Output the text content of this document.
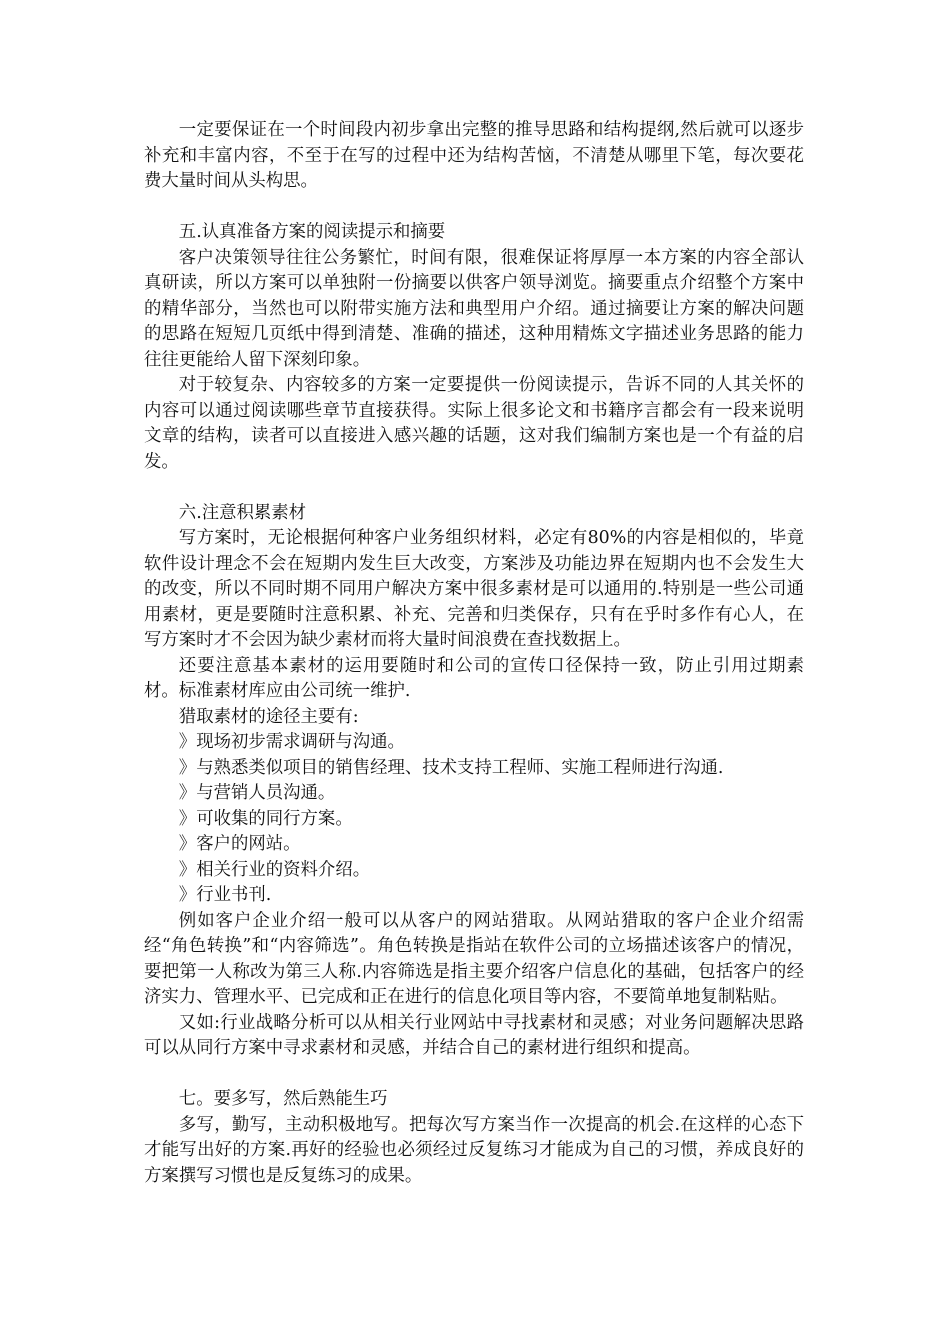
一定要保证在一个时间段内初步拿出完整的推导思路和结构提纲,然后就可以逐步补充和丰富内容，不至于在写的过程中还为结构苦恼，不清楚从哪里下笔，每次要花费大量时间从头构思。

五.认真准备方案的阅读提示和摘要

客户决策领导往往公务繁忙，时间有限，很难保证将厚厚一本方案的内容全部认真研读，所以方案可以单独附一份摘要以供客户领导浏览。摘要重点介绍整个方案中的精华部分，当然也可以附带实施方法和典型用户介绍。通过摘要让方案的解决问题的思路在短短几页纸中得到清楚、准确的描述，这种用精炼文字描述业务思路的能力往往更能给人留下深刻印象。

对于较复杂、内容较多的方案一定要提供一份阅读提示，告诉不同的人其关怀的内容可以通过阅读哪些章节直接获得。实际上很多论文和书籍序言都会有一段来说明文章的结构，读者可以直接进入感兴趣的话题，这对我们编制方案也是一个有益的启发。

六.注意积累素材

写方案时，无论根据何种客户业务组织材料，必定有80%的内容是相似的，毕竟软件设计理念不会在短期内发生巨大改变，方案涉及功能边界在短期内也不会发生大的改变，所以不同时期不同用户解决方案中很多素材是可以通用的.特别是一些公司通用素材，更是要随时注意积累、补充、完善和归类保存，只有在乎时多作有心人，在写方案时才不会因为缺少素材而将大量时间浪费在查找数据上。

还要注意基本素材的运用要随时和公司的宣传口径保持一致，防止引用过期素材。标准素材库应由公司统一维护.

猎取素材的途径主要有:

》现场初步需求调研与沟通。

》与熟悉类似项目的销售经理、技术支持工程师、实施工程师进行沟通.

》与营销人员沟通。

》可收集的同行方案。

》客户的网站。

》相关行业的资料介绍。

》行业书刊.

例如客户企业介绍一般可以从客户的网站猎取。从网站猎取的客户企业介绍需经“角色转换”和“内容筛选”。角色转换是指站在软件公司的立场描述该客户的情况，要把第一人称改为第三人称.内容筛选是指主要介绍客户信息化的基础，包括客户的经济实力、管理水平、已完成和正在进行的信息化项目等内容，不要简单地复制粘贴。

又如:行业战略分析可以从相关行业网站中寻找素材和灵感；对业务问题解决思路可以从同行方案中寻求素材和灵感，并结合自己的素材进行组织和提高。

七。要多写，然后熟能生巧

多写，勤写，主动积极地写。把每次写方案当作一次提高的机会.在这样的心态下才能写出好的方案.再好的经验也必须经过反复练习才能成为自己的习惯，养成良好的方案撰写习惯也是反复练习的成果。
